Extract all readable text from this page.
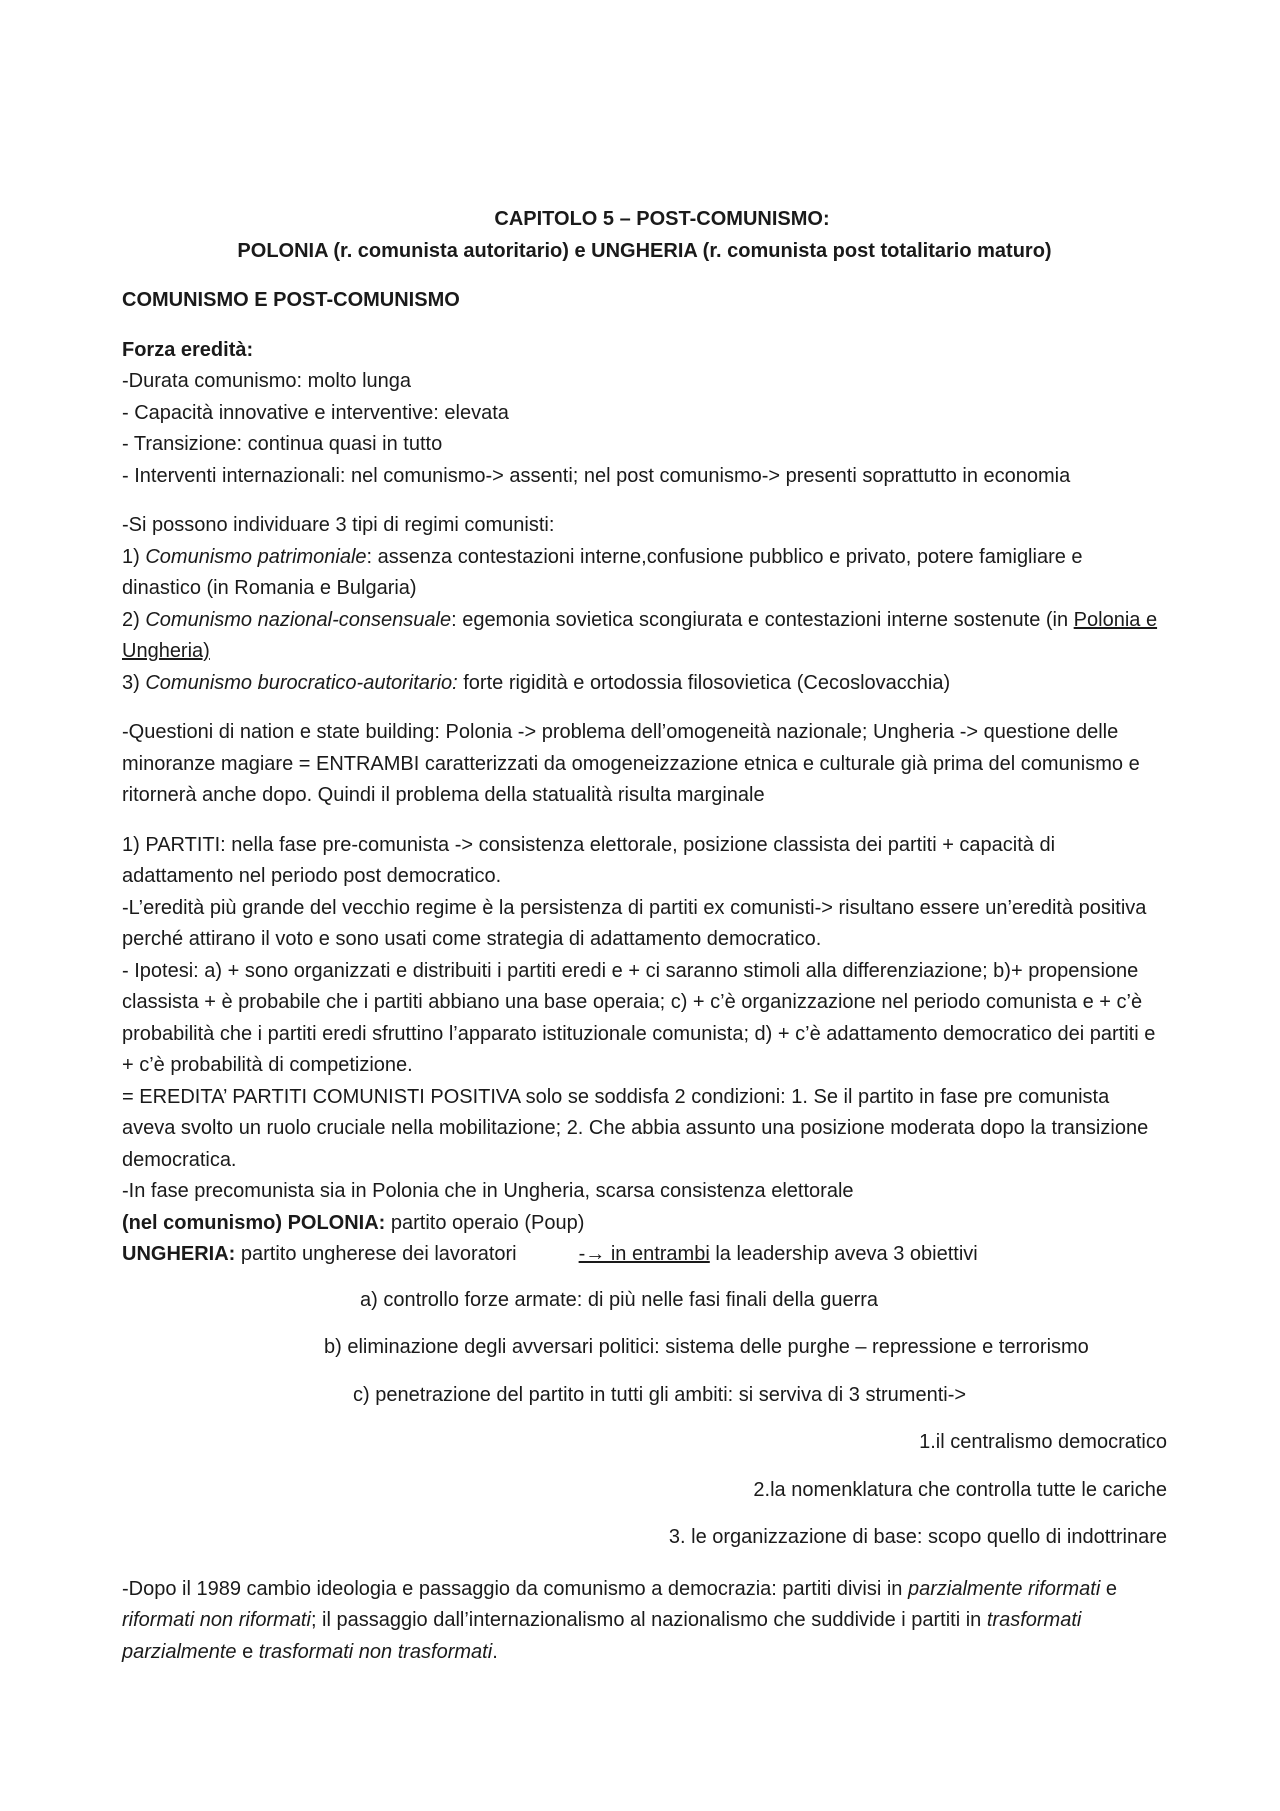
CAPITOLO 5 – POST-COMUNISMO:
POLONIA (r. comunista autoritario) e UNGHERIA (r. comunista post totalitario maturo)

COMUNISMO E POST-COMUNISMO

Forza eredità:

-Durata comunismo: molto lunga

- Capacità innovative e interventive: elevata

- Transizione: continua quasi in tutto

- Interventi internazionali: nel comunismo-> assenti; nel post comunismo-> presenti soprattutto in economia

-Si possono individuare 3 tipi di regimi comunisti:

1) Comunismo patrimoniale: assenza contestazioni interne,confusione pubblico e privato, potere famigliare e dinastico (in Romania e Bulgaria)

2) Comunismo nazional-consensuale: egemonia sovietica scongiurata e contestazioni interne sostenute (in Polonia e Ungheria)

3) Comunismo burocratico-autoritario: forte rigidità e ortodossia filosovietica (Cecoslovacchia)

-Questioni di nation e state building: Polonia -> problema dell’omogeneità nazionale; Ungheria -> questione delle minoranze magiare = ENTRAMBI caratterizzati da omogeneizzazione etnica e culturale già prima del comunismo e ritornerà anche dopo. Quindi il problema della statualità risulta marginale

1) PARTITI: nella fase pre-comunista -> consistenza elettorale, posizione classista dei partiti + capacità di adattamento nel periodo post democratico.

-L’eredità più grande del vecchio regime è la persistenza di partiti ex comunisti-> risultano essere un’eredità positiva perché attirano il voto e sono usati come strategia di adattamento democratico.

- Ipotesi: a) + sono organizzati e distribuiti i partiti eredi e + ci saranno stimoli alla differenziazione; b)+ propensione classista + è probabile che i partiti abbiano una base operaia; c) + c’è organizzazione nel periodo comunista e + c’è probabilità che i partiti eredi sfruttino l’apparato istituzionale comunista; d) + c’è adattamento democratico dei partiti e + c’è probabilità di competizione.

= EREDITA’ PARTITI COMUNISTI POSITIVA solo se soddisfa 2 condizioni: 1. Se il partito in fase pre comunista aveva svolto un ruolo cruciale nella mobilitazione; 2. Che abbia assunto una posizione moderata dopo la transizione democratica.

-In fase precomunista sia in Polonia che in Ungheria, scarsa consistenza elettorale

(nel comunismo) POLONIA: partito operaio (Poup)

UNGHERIA: partito ungherese dei lavoratori	-→ in entrambi la leadership aveva 3 obiettivi

a) controllo forze armate: di più nelle fasi finali della guerra

b) eliminazione degli avversari politici: sistema delle purghe – repressione e terrorismo

c) penetrazione del partito in tutti gli ambiti: si serviva di 3 strumenti->

1.il centralismo democratico

2.la nomenklatura che controlla tutte le cariche

3. le organizzazione di base: scopo quello di indottrinare

-Dopo il 1989 cambio ideologia e passaggio da comunismo a democrazia: partiti divisi in parzialmente riformati e riformati non riformati; il passaggio dall’internazionalismo al nazionalismo che suddivide i partiti in trasformati parzialmente e trasformati non trasformati.
